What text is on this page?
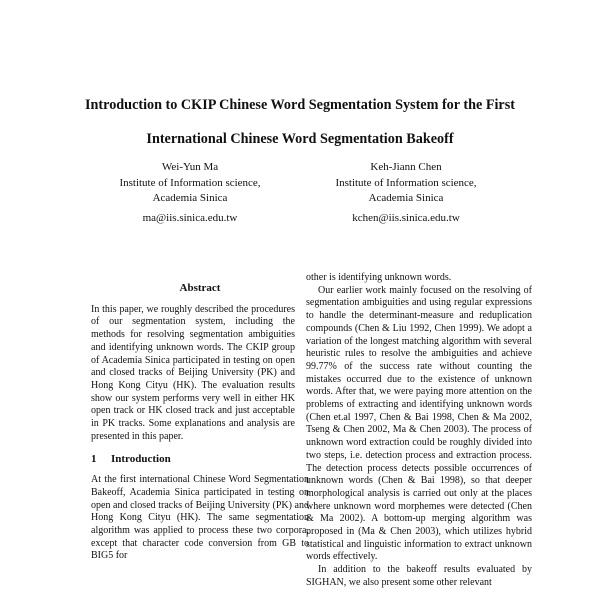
Introduction to CKIP Chinese Word Segmentation System for the First
International Chinese Word Segmentation Bakeoff
Wei-Yun Ma
Institute of Information science,
Academia Sinica
ma@iis.sinica.edu.tw
Keh-Jiann Chen
Institute of Information science,
Academia Sinica
kchen@iis.sinica.edu.tw
Abstract
In this paper, we roughly described the procedures of our segmentation system, including the methods for resolving segmentation ambiguities and identifying unknown words. The CKIP group of Academia Sinica participated in testing on open and closed tracks of Beijing University (PK) and Hong Kong Cityu (HK). The evaluation results show our system performs very well in either HK open track or HK closed track and just acceptable in PK tracks. Some explanations and analysis are presented in this paper.
1 Introduction
At the first international Chinese Word Segmentation Bakeoff, Academia Sinica participated in testing on open and closed tracks of Beijing University (PK) and Hong Kong Cityu (HK). The same segmentation algorithm was applied to process these two corpora, except that character code conversion from GB to BIG5 for
other is identifying unknown words.
Our earlier work mainly focused on the resolving of segmentation ambiguities and using regular expressions to handle the determinant-measure and reduplication compounds (Chen & Liu 1992, Chen 1999). We adopt a variation of the longest matching algorithm with several heuristic rules to resolve the ambiguities and achieve 99.77% of the success rate without counting the mistakes occurred due to the existence of unknown words. After that, we were paying more attention on the problems of extracting and identifying unknown words (Chen et.al 1997, Chen & Bai 1998, Chen & Ma 2002, Tseng & Chen 2002, Ma & Chen 2003). The process of unknown word extraction could be roughly divided into two steps, i.e. detection process and extraction process. The detection process detects possible occurrences of unknown words (Chen & Bai 1998), so that deeper morphological analysis is carried out only at the places where unknown word morphemes were detected (Chen & Ma 2002). A bottom-up merging algorithm was proposed in (Ma & Chen 2003), which utilizes hybrid statistical and linguistic information to extract unknown words effectively.
In addition to the bakeoff results evaluated by SIGHAN, we also present some other relevant
